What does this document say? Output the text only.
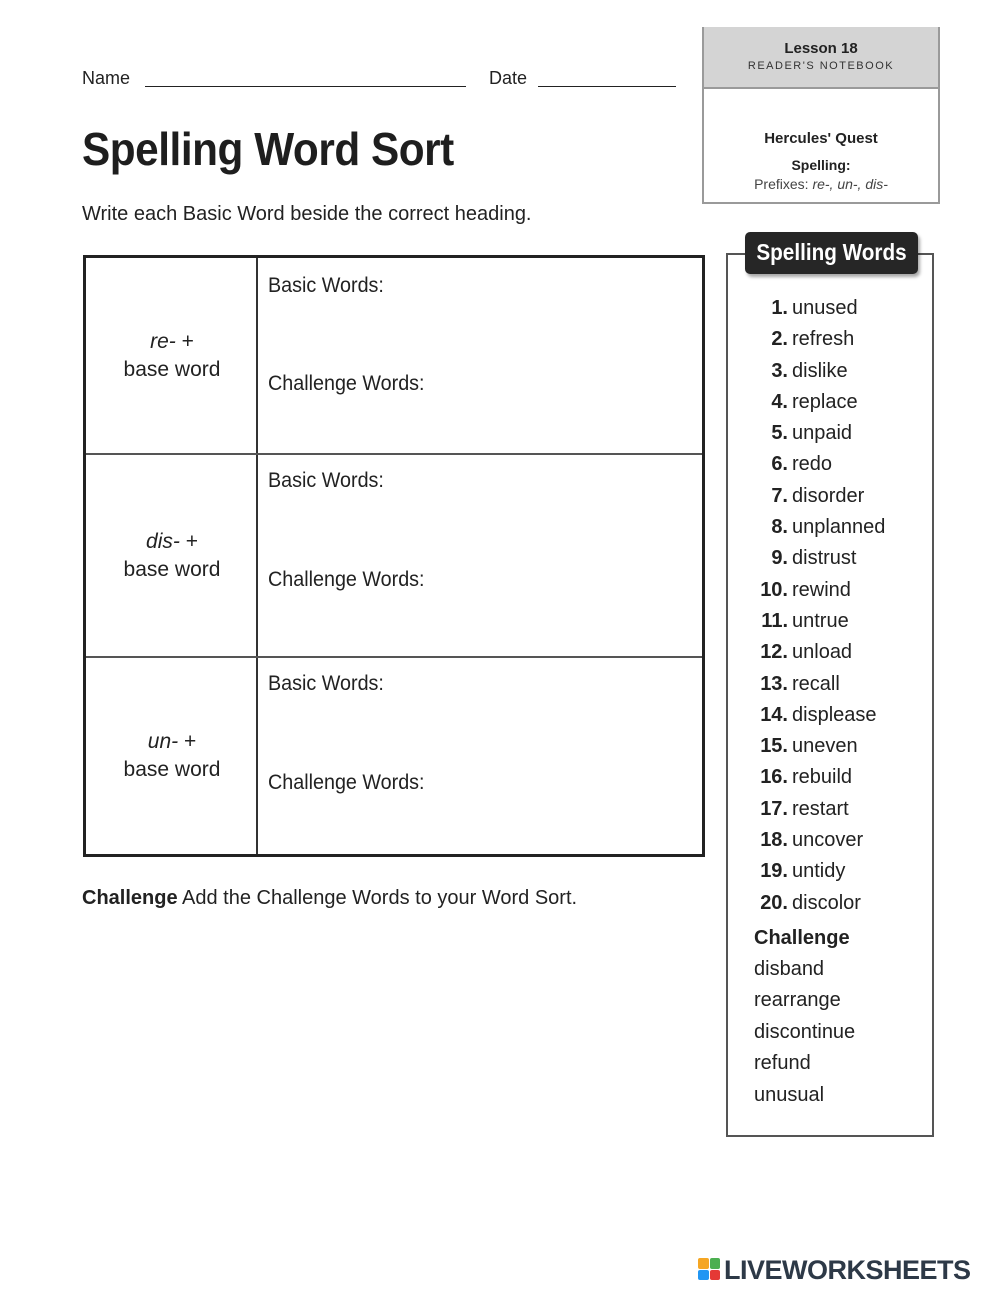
Name	Date
Lesson 18
READER'S NOTEBOOK
Hercules' Quest
Spelling:
Prefixes: re-, un-, dis-
Spelling Word Sort
Write each Basic Word beside the correct heading.
re- +
base word
Basic Words:
Challenge Words:
dis- +
base word
Basic Words:
Challenge Words:
un- +
base word
Basic Words:
Challenge Words:
Challenge Add the Challenge Words to your Word Sort.
Spelling Words
1. unused
2. refresh
3. dislike
4. replace
5. unpaid
6. redo
7. disorder
8. unplanned
9. distrust
10. rewind
11. untrue
12. unload
13. recall
14. displease
15. uneven
16. rebuild
17. restart
18. uncover
19. untidy
20. discolor
Challenge
disband
rearrange
discontinue
refund
unusual
LIVEWORKSHEETS
